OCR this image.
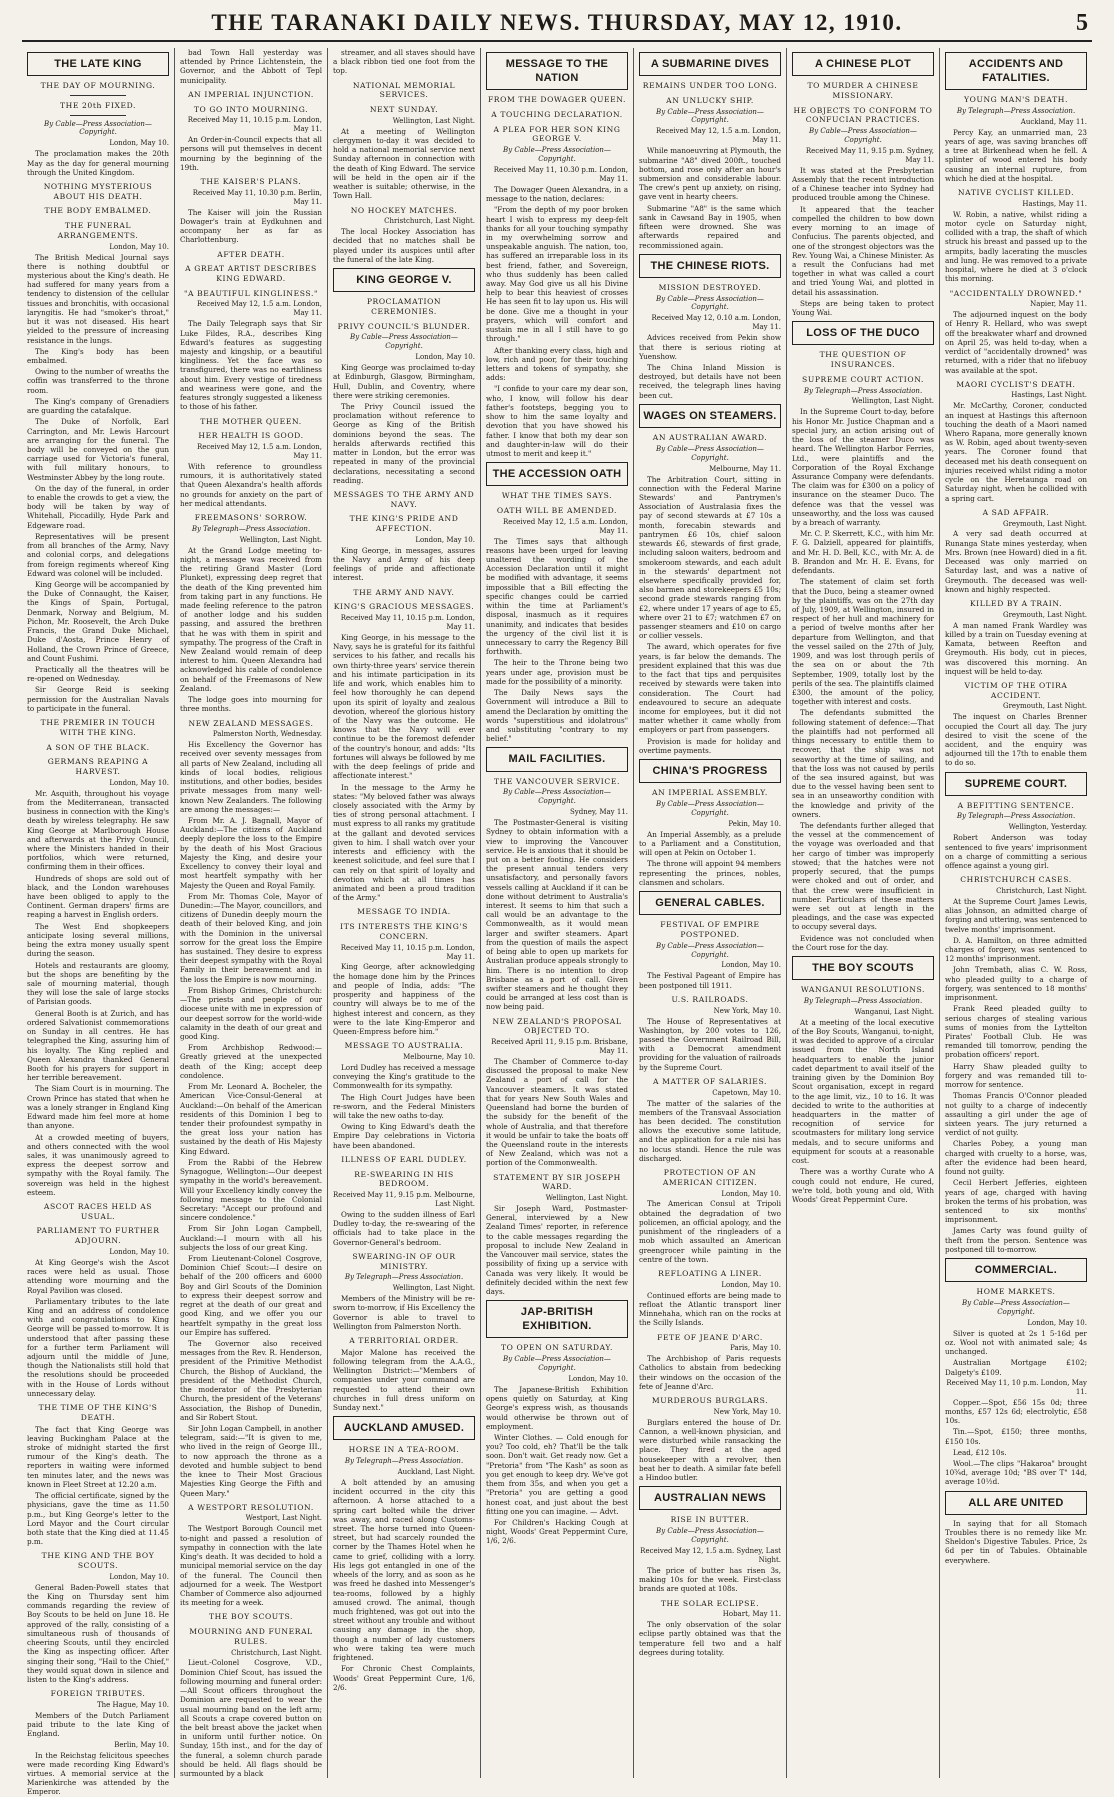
THE TARANAKI DAILY NEWS. THURSDAY, MAY 12, 1910.	5
THE LATE KING
THE DAY OF MOURNING.
THE 20th FIXED.
By Cable—Press Association—Copyright.
London, May 10.
The proclamation makes the 20th May as the day for general mourning through the United Kingdom.
NOTHING MYSTERIOUS ABOUT HIS DEATH.
THE BODY EMBALMED.
THE FUNERAL ARRANGEMENTS.
London, May 10.
The British Medical Journal says there is nothing doubtful or mysterious about the King's death. He had suffered for many years from a tendency to distension of the cellular tissues and bronchitis, with occasional laryngitis. He had "smoker's throat," but it was not diseased. His heart yielded to the pressure of increasing resistance in the lungs.
The King's body has been embalmed.
Owing to the number of wreaths the coffin was transferred to the throne room.
The King's company of Grenadiers are guarding the catafalque.
The Duke of Norfolk, Earl Carrington, and Mr. Lewis Harcourt are arranging for the funeral. The body will be conveyed on the gun carriage used for Victoria's funeral, with full military honours, to Westminster Abbey by the long route.
On the day of the funeral, in order to enable the crowds to get a view, the body will be taken by way of Whitehall, Piccadilly, Hyde Park and Edgeware road.
Representatives will be present from all branches of the Army, Navy and colonial corps, and delegations from foreign regiments whereof King Edward was colonel will be included.
King George will be accompanied by the Duke of Connaught, the Kaiser, the Kings of Spain, Portugal, Denmark, Norway and Belgium, M. Pichon, Mr. Roosevelt, the Arch Duke Francis, the Grand Duke Michael, Duke d'Aosta, Prince Henry of Holland, the Crown Prince of Greece, and Count Fushimi.
Practically all the theatres will be re-opened on Wednesday.
Sir George Reid is seeking permission for the Australian Navals to participate in the funeral.
THE PREMIER IN TOUCH WITH THE KING.
A SON OF THE BLACK.
GERMANS REAPING A HARVEST.
London, May 10.
Mr. Asquith, throughout his voyage from the Mediterranean, transacted business in connection with the King's death by wireless telegraphy. He saw King George at Marlborough House and afterwards at the Privy Council, where the Ministers handed in their portfolios, which were returned, confirming them in their offices.
Hundreds of shops are sold out of black, and the London warehouses have been obliged to apply to the Continent. German drapers' firms are reaping a harvest in English orders.
The West End shopkeepers anticipate losing several millions, being the extra money usually spent during the season.
Hotels and restaurants are gloomy, but the shops are benefiting by the sale of mourning material, though they will lose the sale of large stocks of Parisian goods.
General Booth is at Zurich, and has ordered Salvationist commemorations on Sunday in all centres. He has telegraphed the King, assuring him of his loyalty. The King replied and Queen Alexandra thanked General Booth for his prayers for support in her terrible bereavement.
The Siam Court is in mourning. The Crown Prince has stated that when he was a lonely stranger in England King Edward made him feel more at home than anyone.
At a crowded meeting of buyers, and others connected with the wool sales, it was unanimously agreed to express the deepest sorrow and sympathy with the Royal family. The sovereign was held in the highest esteem.
ASCOT RACES HELD AS USUAL.
PARLIAMENT TO FURTHER ADJOURN.
London, May 10.
At King George's wish the Ascot races were held as usual. Those attending wore mourning and the Royal Pavilion was closed.
Parliamentary tributes to the late King and an address of condolence with and congratulations to King George will be passed to-morrow. It is understood that after passing these for a further term Parliament will adjourn until the middle of June, though the Nationalists still hold that the resolutions should be proceeded with in the House of Lords without unnecessary delay.
THE TIME OF THE KING'S DEATH.
The fact that King George was leaving Buckingham Palace at the stroke of midnight started the first rumour of the King's death. The reporters in waiting were informed ten minutes later, and the news was known in Fleet Street at 12.20 a.m.
The official certificate, signed by the physicians, gave the time as 11.50 p.m., but King George's letter to the Lord Mayor and the Court circular both state that the King died at 11.45 p.m.
THE KING AND THE BOY SCOUTS.
London, May 10.
General Baden-Powell states that the King on Thursday sent him commands regarding the review of Boy Scouts to be held on June 18. He approved of the rally, consisting of a simultaneous rush of thousands of cheering Scouts, until they encircled the King as inspecting officer. After singing their song, "Hail to the Chief," they would squat down in silence and listen to the King's address.
FOREIGN TRIBUTES.
The Hague, May 10.
Members of the Dutch Parliament paid tribute to the late King of England.
Berlin, May 10.
In the Reichstag felicitous speeches were made recording King Edward's virtues. A memorial service at the Marienkirche was attended by the Emperor.
bad Town Hall yesterday was attended by Prince Lichtenstein, the Governor, and the Abbott of Tepl municipality.
AN IMPERIAL INJUNCTION.
TO GO INTO MOURNING.
Received May 11, 10.15 p.m. London, May 11.
An Order-in-Council expects that all persons will put themselves in decent mourning by the beginning of the 19th.
THE KAISER'S PLANS.
Received May 11, 10.30 p.m. Berlin, May 11.
The Kaiser will join the Russian Dowager's train at Eydkuhnen and accompany her as far as Charlottenburg.
AFTER DEATH.
A GREAT ARTIST DESCRIBES KING EDWARD.
"A BEAUTIFUL KINGLINESS."
Received May 12, 1.5 a.m. London, May 11.
The Daily Telegraph says that Sir Luke Fildes, R.A., describes King Edward's features as suggesting majesty and kingship, or a beautiful kingliness. Yet the face was so transfigured, there was no earthliness about him. Every vestige of tiredness and weariness were gone, and the features strongly suggested a likeness to those of his father.
THE MOTHER QUEEN.
HER HEALTH IS GOOD.
Received May 12, 1.5 a.m. London, May 11.
With reference to groundless rumours, it is authoritatively stated that Queen Alexandra's health affords no grounds for anxiety on the part of her medical attendants.
FREEMASONS' SORROW.
By Telegraph—Press Association.
Wellington, Last Night.
At the Grand Lodge meeting to-night, a message was received from the retiring Grand Master (Lord Plunket), expressing deep regret that the death of the King prevented him from taking part in any functions. He made feeling reference to the patron of another lodge and his sudden passing, and assured the brethren that he was with them in spirit and sympathy. The progress of the Craft in New Zealand would remain of deep interest to him. Queen Alexandra had acknowledged his cable of condolence on behalf of the Freemasons of New Zealand.
The lodge goes into mourning for three months.
NEW ZEALAND MESSAGES.
Palmerston North, Wednesday.
His Excellency the Governor has received over seventy messages from all parts of New Zealand, including all kinds of local bodies, religious institutions, and other bodies, besides private messages from many well-known New Zealanders. The following are among the messages:—
From Mr. A. J. Bagnall, Mayor of Auckland:—The citizens of Auckland deeply deplore the loss to the Empire by the death of his Most Gracious Majesty the King, and desire your Excellency to convey their loyal and most heartfelt sympathy with her Majesty the Queen and Royal Family.
From Mr. Thomas Cole, Mayor of Dunedin:—The Mayor, councillors, and citizens of Dunedin deeply mourn the death of their beloved King, and join with the Dominion in the universal sorrow for the great loss the Empire has sustained. They desire to express their deepest sympathy with the Royal Family in their bereavement and in the loss the Empire is now mourning.
From Bishop Grimes, Christchurch:—The priests and people of our diocese unite with me in expression of our deepest sorrow for the world-wide calamity in the death of our great and good King.
From Archbishop Redwood:—Greatly grieved at the unexpected death of the King; accept deep condolence.
From Mr. Leonard A. Bocheler, the American Vice-Consul-General at Auckland:—On behalf of the American residents of this Dominion I beg to tender their profoundest sympathy in the great loss your nation has sustained by the death of His Majesty King Edward.
From the Rabbi of the Hebrew Synagogue, Wellington:—Our deepest sympathy in the world's bereavement. Will your Excellency kindly convey the following message to the Colonial Secretary: "Accept our profound and sincere condolence."
From Sir John Logan Campbell, Auckland:—I mourn with all his subjects the loss of our great King.
From Lieutenant-Colonel Cosgrove, Dominion Chief Scout:—I desire on behalf of the 200 officers and 6000 Boy and Girl Scouts of the Dominion to express their deepest sorrow and regret at the death of our great and good King, and we offer you our heartfelt sympathy in the great loss our Empire has suffered.
The Governor also received messages from the Rev. R. Henderson, president of the Primitive Methodist Church, the Bishop of Auckland, the president of the Methodist Church, the moderator of the Presbyterian Church, the president of the Veterans' Association, the Bishop of Dunedin, and Sir Robert Stout.
Sir John Logan Campbell, in another telegram, said:—"It is given to me, who lived in the reign of George III., to now approach the throne as a devoted and humble subject to bend the knee to Their Most Gracious Majesties King George the Fifth and Queen Mary."
A WESTPORT RESOLUTION.
Westport, Last Night.
The Westport Borough Council met to-night and passed a resolution of sympathy in connection with the late King's death. It was decided to hold a municipal memorial service on the day of the funeral. The Council then adjourned for a week. The Westport Chamber of Commerce also adjourned its meeting for a week.
THE BOY SCOUTS.
MOURNING AND FUNERAL RULES.
Christchurch, Last Night.
Lieut.-Colonel Cosgrove, V.D., Dominion Chief Scout, has issued the following mourning and funeral order:—All Scout officers throughout the Dominion are requested to wear the usual mourning band on the left arm; all Scouts a crape covered button on the belt breast above the jacket when in uniform until further notice. On Sunday, 15th inst., and for the day of the funeral, a solemn church parade should be held. All flags should be surmounted by a black
streamer, and all staves should have a black ribbon tied one foot from the top.
NATIONAL MEMORIAL SERVICES.
NEXT SUNDAY.
Wellington, Last Night.
At a meeting of Wellington clergymen to-day it was decided to hold a national memorial service next Sunday afternoon in connection with the death of King Edward. The service will be held in the open air if the weather is suitable; otherwise, in the Town Hall.
NO HOCKEY MATCHES.
Christchurch, Last Night.
The local Hockey Association has decided that no matches shall be played under its auspices until after the funeral of the late King.
KING GEORGE V.
PROCLAMATION CEREMONIES.
PRIVY COUNCIL'S BLUNDER.
By Cable—Press Association—Copyright.
London, May 10.
King George was proclaimed to-day at Edinburgh, Glasgow, Birmingham, Hull, Dublin, and Coventry, where there were striking ceremonies.
The Privy Council issued the proclamation without reference to George as King of the British dominions beyond the seas. The heralds afterwards rectified this matter in London, but the error was repeated in many of the provincial declarations, necessitating a second reading.
MESSAGES TO THE ARMY AND NAVY.
THE KING'S PRIDE AND AFFECTION.
London, May 10.
King George, in messages, assures the Navy and Army of his deep feelings of pride and affectionate interest.
THE ARMY AND NAVY.
KING'S GRACIOUS MESSAGES.
Received May 11, 10.15 p.m. London, May 11.
King George, in his message to the Navy, says he is grateful for its faithful services to his father, and recalls his own thirty-three years' service therein and his intimate participation in its life and work, which enables him to feel how thoroughly he can depend upon its spirit of loyalty and zealous devotion, whereof the glorious history of the Navy was the outcome. He knows that the Navy will ever continue to be the foremost defender of the country's honour, and adds: "Its fortunes will always be followed by me with the deep feelings of pride and affectionate interest."
In the message to the Army he states: "My beloved father was always closely associated with the Army by ties of strong personal attachment. I must express to all ranks my gratitude at the gallant and devoted services given to him. I shall watch over your interests and efficiency with the keenest solicitude, and feel sure that I can rely on that spirit of loyalty and devotion which at all times has animated and been a proud tradition of the Army."
MESSAGE TO INDIA.
ITS INTERESTS THE KING'S CONCERN.
Received May 11, 10.15 p.m. London, May 11.
King George, after acknowledging the homage done him by the Princes and people of India, adds: "The prosperity and happiness of the country will always be to me of the highest interest and concern, as they were to the late King-Emperor and Queen-Empress before him."
MESSAGE TO AUSTRALIA.
Melbourne, May 10.
Lord Dudley has received a message conveying the King's gratitude to the Commonwealth for its sympathy.
The High Court Judges have been re-sworn, and the Federal Ministers will take the new oaths to-day.
Owing to King Edward's death the Empire Day celebrations in Victoria have been abandoned.
ILLNESS OF EARL DUDLEY.
RE-SWEARING IN HIS BEDROOM.
Received May 11, 9.15 p.m. Melbourne, Last Night.
Owing to the sudden illness of Earl Dudley to-day, the re-swearing of the officials had to take place in the Governor-General's bedroom.
SWEARING-IN OF OUR MINISTRY.
By Telegraph—Press Association.
Wellington, Last Night.
Members of the Ministry will be re-sworn to-morrow, if His Excellency the Governor is able to travel to Wellington from Palmerston North.
A TERRITORIAL ORDER.
Major Malone has received the following telegram from the A.A.G., Wellington District:—"Members of companies under your command are requested to attend their own churches in full dress uniform on Sunday next."
AUCKLAND AMUSED.
HORSE IN A TEA-ROOM.
By Telegraph—Press Association.
Auckland, Last Night.
A bolt attended by an amusing incident occurred in the city this afternoon. A horse attached to a spring cart bolted while the driver was away, and raced along Customs-street. The horse turned into Queen-street, but had scarcely rounded the corner by the Thames Hotel when he came to grief, colliding with a lorry. His legs got entangled in one of the wheels of the lorry, and as soon as he was freed he dashed into Messenger's tea-rooms, followed by a highly amused crowd. The animal, though much frightened, was got out into the street without any trouble and without causing any damage in the shop, though a number of lady customers who were taking tea were much frightened.
For Chronic Chest Complaints, Woods' Great Peppermint Cure, 1/6, 2/6.
MESSAGE TO THE NATION
FROM THE DOWAGER QUEEN.
A TOUCHING DECLARATION.
A PLEA FOR HER SON KING GEORGE V.
By Cable—Press Association—Copyright.
Received May 11, 10.30 p.m. London, May 11.
The Dowager Queen Alexandra, in a message to the nation, declares:
"From the depth of my poor broken heart I wish to express my deep-felt thanks for all your touching sympathy in my overwhelming sorrow and unspeakable anguish. The nation, too, has suffered an irreparable loss in its best friend, father, and Sovereign, who thus suddenly has been called away. May God give us all his Divine help to bear this heaviest of crosses He has seen fit to lay upon us. His will be done. Give me a thought in your prayers, which will comfort and sustain me in all I still have to go through."
After thanking every class, high and low, rich and poor, for their touching letters and tokens of sympathy, she adds:
"I confide to your care my dear son, who, I know, will follow his dear father's footsteps, begging you to show to him the same loyalty and devotion that you have showed his father. I know that both my dear son and daughter-in-law will do their utmost to merit and keep it."
THE ACCESSION OATH
WHAT THE TIMES SAYS.
OATH WILL BE AMENDED.
Received May 12, 1.5 a.m. London, May 11.
The Times says that although reasons have been urged for leaving unaltered the wording of the Accession Declaration until it might be modified with advantage, it seems impossible that a Bill effecting the specific changes could be carried within the time at Parliament's disposal, inasmuch as it requires unanimity, and indicates that besides the urgency of the civil list it is unnecessary to carry the Regency Bill forthwith.
The heir to the Throne being two years under age, provision must be made for the possibility of a minority.
The Daily News says the Government will introduce a Bill to amend the Declaration by omitting the words "superstitious and idolatrous" and substituting "contrary to my belief."
MAIL FACILITIES.
THE VANCOUVER SERVICE.
By Cable—Press Association—Copyright.
Sydney, May 11.
The Postmaster-General is visiting Sydney to obtain information with a view to improving the Vancouver service. He is anxious that it should be put on a better footing. He considers the present annual tenders very unsatisfactory, and personally favors vessels calling at Auckland if it can be done without detriment to Australia's interest. It seems to him that such a call would be an advantage to the Commonwealth, as it would mean larger and swifter steamers. Apart from the question of mails the aspect of being able to open up markets for Australian produce appeals strongly to him. There is no intention to drop Brisbane as a port of call. Given swifter steamers and he thought they could be arranged at less cost than is now being paid.
NEW ZEALAND'S PROPOSAL OBJECTED TO.
Received April 11, 9.15 p.m. Brisbane, May 11.
The Chamber of Commerce to-day discussed the proposal to make New Zealand a port of call for the Vancouver steamers. It was stated that for years New South Wales and Queensland had borne the burden of the subsidy for the benefit of the whole of Australia, and that therefore it would be unfair to take the boats off the Queensland route in the interests of New Zealand, which was not a portion of the Commonwealth.
STATEMENT BY SIR JOSEPH WARD.
Wellington, Last Night.
Sir Joseph Ward, Postmaster-General, interviewed by a New Zealand Times' reporter, in reference to the cable messages regarding the proposal to include New Zealand in the Vancouver mail service, states the possibility of fixing up a service with Canada was very likely. It would be definitely decided within the next few days.
JAP-BRITISH EXHIBITION.
TO OPEN ON SATURDAY.
By Cable—Press Association—Copyright.
London, May 10.
The Japanese-British Exhibition opens quietly on Saturday, at King George's express wish, as thousands would otherwise be thrown out of employment.
Winter Clothes. — Cold enough for you? Too cold, eh? That'll be the talk soon. Don't wait. Get ready now. Get a "Pretoria" from "The Kash" as soon as you get enough to keep dry. We've got them from 35s, and when you get a "Pretoria" you are getting a good honest coat, and just about the best fitting one you can imagine. — Advt.
For Children's Hacking Cough at night, Woods' Great Peppermint Cure, 1/6, 2/6.
A SUBMARINE DIVES
REMAINS UNDER TOO LONG.
AN UNLUCKY SHIP.
By Cable—Press Association—Copyright.
Received May 12, 1.5 a.m. London, May 11.
While manoeuvring at Plymouth, the submarine "A8" dived 200ft., touched bottom, and rose only after an hour's submersion and considerable labour. The crew's pent up anxiety, on rising, gave vent in hearty cheers.
Submarine "A8" is the same which sank in Cawsand Bay in 1905, when fifteen were drowned. She was afterwards repaired and recommissioned again.
THE CHINESE RIOTS.
MISSION DESTROYED.
By Cable—Press Association—Copyright.
Received May 12, 0.10 a.m. London, May 11.
Advices received from Pekin show that there is serious rioting at Yuenshow.
The China Inland Mission is destroyed, but details have not been received, the telegraph lines having been cut.
WAGES ON STEAMERS.
AN AUSTRALIAN AWARD.
By Cable—Press Association—Copyright.
Melbourne, May 11.
The Arbitration Court, sitting in connection with the Federal Marine Stewards' and Pantrymen's Association of Australasia fixes the pay of second stewards at £7 10s a month, forecabin stewards and pantrymen £6 10s, chief saloon stewards £6, stewards of first grade, including saloon waiters, bedroom and smokeroom stewards, and each adult in the stewards' department not elsewhere specifically provided for, also barmen and storekeepers £5 10s; second grade stewards ranging from £2, where under 17 years of age to £5, where over 21 to £7; watchmen £7 on passenger steamers and £10 on cargo or collier vessels.
The award, which operates for five years, is far below the demands. The president explained that this was due to the fact that tips and perquisites received by stewards were taken into consideration. The Court had endeavoured to secure an adequate income for employees, but it did not matter whether it came wholly from employers or part from passengers.
Provision is made for holiday and overtime payments.
CHINA'S PROGRESS
AN IMPERIAL ASSEMBLY.
By Cable—Press Association—Copyright.
Pekin, May 10.
An Imperial Assembly, as a prelude to a Parliament and a Constitution, will open at Pekin on October 1.
The throne will appoint 94 members representing the princes, nobles, clansmen and scholars.
GENERAL CABLES.
FESTIVAL OF EMPIRE POSTPONED.
By Cable—Press Association—Copyright.
London, May 10.
The Festival Pageant of Empire has been postponed till 1911.
U.S. RAILROADS.
New York, May 10.
The House of Representatives at Washington, by 200 votes to 126, passed the Government Railroad Bill, with a Democrat amendment providing for the valuation of railroads by the Supreme Court.
A MATTER OF SALARIES.
Capetown, May 10.
The matter of the salaries of the members of the Transvaal Association has been decided. The constitution allows the executive some latitude, and the application for a rule nisi has no locus standi. Hence the rule was discharged.
PROTECTION OF AN AMERICAN CITIZEN.
London, May 10.
The American Consul at Tripoli obtained the degradation of two policemen, an official apology, and the punishment of the ringleaders of a mob which assaulted an American greengrocer while painting in the centre of the town.
REFLOATING A LINER.
London, May 10.
Continued efforts are being made to refloat the Atlantic transport liner Minnehaha, which ran on the rocks at the Scilly Islands.
FETE OF JEANE D'ARC.
Paris, May 10.
The Archbishop of Paris requests Catholics to abstain from bedecking their windows on the occasion of the fete of Jeanne d'Arc.
MURDEROUS BURGLARS.
New York, May 10.
Burglars entered the house of Dr. Cannon, a well-known physician, and were disturbed while ransacking the place. They fired at the aged housekeeper with a revolver, then beat her to death. A similar fate befell a Hindoo butler.
AUSTRALIAN NEWS
RISE IN BUTTER.
By Cable—Press Association—Copyright.
Received May 12, 1.5 a.m. Sydney, Last Night.
The price of butter has risen 3s, making 10s for the week. First-class brands are quoted at 108s.
THE SOLAR ECLIPSE.
Hobart, May 11.
The only observation of the solar eclipse partly obtained was that the temperature fell two and a half degrees during totality.
A CHINESE PLOT
TO MURDER A CHINESE MISSIONARY.
HE OBJECTS TO CONFORM TO CONFUCIAN PRACTICES.
By Cable—Press Association—Copyright.
Received May 11, 9.15 p.m. Sydney, May 11.
It was stated at the Presbyterian Assembly that the recent introduction of a Chinese teacher into Sydney had produced trouble among the Chinese.
It appeared that the teacher compelled the children to bow down every morning to an image of Confucius. The parents objected, and one of the strongest objectors was the Rev. Young Wai, a Chinese Minister. As a result the Confucians had met together in what was called a court and tried Young Wai, and plotted in detail his assassination.
Steps are being taken to protect Young Wai.
LOSS OF THE DUCO
THE QUESTION OF INSURANCES.
SUPREME COURT ACTION.
By Telegraph—Press Association.
Wellington, Last Night.
In the Supreme Court to-day, before his Honor Mr. Justice Chapman and a special jury, an action arising out of the loss of the steamer Duco was heard. The Wellington Harbor Ferries, Ltd., were plaintiffs and the Corporation of the Royal Exchange Assurance Company were defendants. The claim was for £300 on a policy of insurance on the steamer Duco. The defence was that the vessel was unseaworthy, and the loss was caused by a breach of warranty.
Mr. C. P. Skerrett, K.C., with him Mr. F. G. Dalziell, appeared for plaintiffs, and Mr. H. D. Bell, K.C., with Mr. A. de B. Brandon and Mr. H. E. Evans, for defendants.
The statement of claim set forth that the Duco, being a steamer owned by the plaintiffs, was on the 27th day of July, 1909, at Wellington, insured in respect of her hull and machinery for a period of twelve months after her departure from Wellington, and that the vessel sailed on the 27th of July, 1909, and was lost through perils of the sea on or about the 7th September, 1909, totally lost by the perils of the sea. The plaintiffs claimed £300, the amount of the policy, together with interest and costs.
The defendants submitted the following statement of defence:—That the plaintiffs had not performed all things necessary to entitle them to recover, that the ship was not seaworthy at the time of sailing, and that the loss was not caused by perils of the sea insured against, but was due to the vessel having been sent to sea in an unseaworthy condition with the knowledge and privity of the owners.
The defendants further alleged that the vessel at the commencement of the voyage was overloaded and that her cargo of timber was improperly stowed; that the hatches were not properly secured, that the pumps were choked and out of order, and that the crew were insufficient in number. Particulars of these matters were set out at length in the pleadings, and the case was expected to occupy several days.
Evidence was not concluded when the Court rose for the day.
THE BOY SCOUTS
WANGANUI RESOLUTIONS.
By Telegraph—Press Association.
Wanganui, Last Night.
At a meeting of the local executive of the Boy Scouts, Wanganui, to-night, it was decided to approve of a circular issued from the North Island headquarters to enable the junior cadet department to avail itself of the training given by the Dominion Boy Scout organisation, except in regard to the age limit, viz., 10 to 16. It was decided to write to the authorities at headquarters in the matter of recognition of service for scoutmasters for military long service medals, and to secure uniforms and equipment for scouts at a reasonable cost.
There was a worthy Curate who A cough could not endure, He cured, we're told, both young and old, With Woods' Great Peppermint Cure.
ACCIDENTS AND FATALITIES.
YOUNG MAN'S DEATH.
By Telegraph—Press Association.
Auckland, May 11.
Percy Kay, an unmarried man, 23 years of age, was saving branches off a tree at Birkenhead when he fell. A splinter of wood entered his body causing an internal rupture, from which he died at the hospital.
NATIVE CYCLIST KILLED.
Hastings, May 11.
W. Robin, a native, whilst riding a motor cycle on Saturday night, collided with a trap, the shaft of which struck his breast and passed up to the armpits, badly lacerating the muscles and lung. He was removed to a private hospital, where he died at 3 o'clock this morning.
"ACCIDENTALLY DROWNED."
Napier, May 11.
The adjourned inquest on the body of Henry R. Hellard, who was swept off the breakwater wharf and drowned on April 25, was held to-day, when a verdict of "accidentally drowned" was returned, with a rider that no lifebuoy was available at the spot.
MAORI CYCLIST'S DEATH.
Hastings, Last Night.
Mr. McCarthy, Coroner, conducted an inquest at Hastings this afternoon touching the death of a Maori named Whero Rapana, more generally known as W. Robin, aged about twenty-seven years. The Coroner found that deceased met his death consequent on injuries received whilst riding a motor cycle on the Heretaunga road on Saturday night, when he collided with a spring cart.
A SAD AFFAIR.
Greymouth, Last Night.
A very sad death occurred at Runanga State mines yesterday, when Mrs. Brown (nee Howard) died in a fit. Deceased was only married on Saturday last, and was a native of Greymouth. The deceased was well-known and highly respected.
KILLED BY A TRAIN.
Greymouth, Last Night.
A man named Frank Wardley was killed by a train on Tuesday evening at Kamata, between Reefton and Greymouth. His body, cut in pieces, was discovered this morning. An inquest will be held to-day.
VICTIM OF THE OTIRA ACCIDENT.
Greymouth, Last Night.
The inquest on Charles Brenner occupied the Court all day. The jury desired to visit the scene of the accident, and the enquiry was adjourned till the 17th to enable them to do so.
SUPREME COURT.
A BEFITTING SENTENCE.
By Telegraph—Press Association.
Wellington, Yesterday.
Robert Anderson was today sentenced to five years' imprisonment on a charge of committing a serious offence against a young girl.
CHRISTCHURCH CASES.
Christchurch, Last Night.
At the Supreme Court James Lewis, alias Johnson, an admitted charge of forging and uttering, was sentenced to twelve months' imprisonment.
D. A. Hamilton, on three admitted charges of forgery, was sentenced to 12 months' imprisonment.
John Trembath, alias C. W. Ross, who pleaded guilty to a charge of forgery, was sentenced to 18 months' imprisonment.
Frank Reed pleaded guilty to serious charges of stealing various sums of monies from the Lyttelton Pirates' Football Club. He was remanded till tomorrow, pending the probation officers' report.
Harry Shaw pleaded guilty to forgery and was remanded till to-morrow for sentence.
Thomas Francis O'Connor pleaded not guilty to a charge of indecently assaulting a girl under the age of sixteen years. The jury returned a verdict of not guilty.
Charles Pobey, a young man charged with cruelty to a horse, was, after the evidence had been heard, found not guilty.
Cecil Herbert Jefferies, eighteen years of age, charged with having broken the terms of his probation, was sentenced to six months' imprisonment.
James Carty was found guilty of theft from the person. Sentence was postponed till to-morrow.
COMMERCIAL.
HOME MARKETS.
By Cable—Press Association—Copyright.
London, May 10.
Silver is quoted at 2s 1 5-16d per oz. Wool not with animated sale; 4s unchanged.
Australian Mortgage £102; Dalgety's £109.
Received May 11, 10 p.m. London, May 11.
Copper.—Spot, £56 15s 0d; three months, £57 12s 6d; electrolytic, £58 10s.
Tin.—Spot, £150; three months, £150 10s.
Lead, £12 10s.
Wool.—The clips "Hakaroa" brought 10¾d, average 10d; "BS over T" 14d, average 10½d.
ALL ARE UNITED
In saying that for all Stomach Troubles there is no remedy like Mr. Sheldon's Digestive Tabules. Price, 2s 6d per tin of Tabules. Obtainable everywhere.
